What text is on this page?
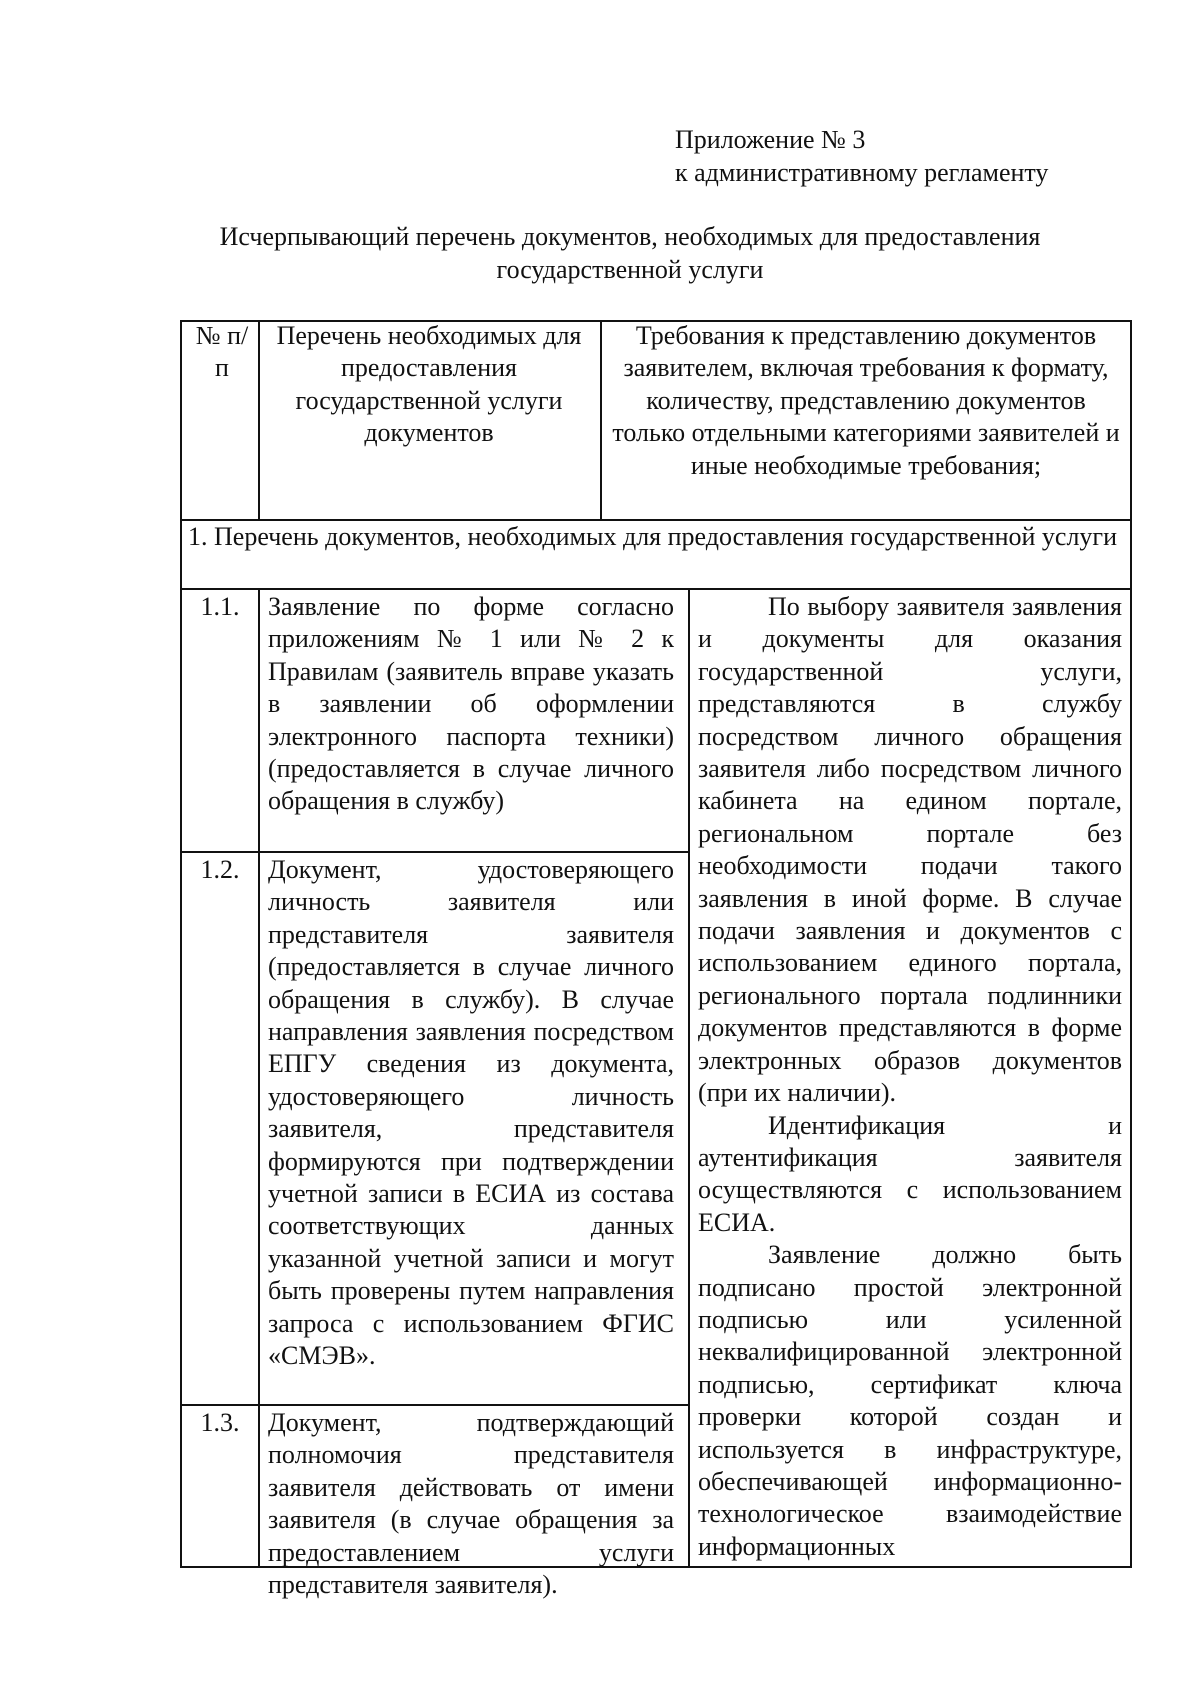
Приложение № 3
к административному регламенту
Исчерпывающий перечень документов, необходимых для предоставления
государственной услуги
№ п/п
Перечень необходимых для предоставления государственной услуги документов
Требования к представлению документов заявителем, включая требования к формату, количеству, представлению документов только отдельными категориями заявителей и иные необходимые требования;
1. Перечень документов, необходимых для предоставления государственной услуги
1.1.
1.2.
1.3.
Заявление по форме согласно приложениям № 1 или № 2 к Правилам (заявитель вправе указать в заявлении об оформлении электронного паспорта техники) (предоставляется в случае личного обращения в службу)
Документ, удостоверяющего личность заявителя или представителя заявителя (предоставляется в случае личного обращения в службу). В случае направления заявления посредством ЕПГУ сведения из документа, удостоверяющего личность заявителя, представителя формируются при подтверждении учетной записи в ЕСИА из состава соответствующих данных указанной учетной записи и могут быть проверены путем направления запроса с использованием ФГИС «СМЭВ».
Документ, подтверждающий полномочия представителя заявителя действовать от имени заявителя (в случае обращения за предоставлением услуги представителя заявителя).

По выбору заявителя заявления и документы для оказания государственной услуги, представляются в службу посредством личного обращения заявителя либо посредством личного кабинета на едином портале, региональном портале без необходимости подачи такого заявления в иной форме. В случае подачи заявления и документов с использованием единого портала, регионального портала подлинники документов представляются в форме электронных образов документов (при их наличии).

Идентификация и аутентификация заявителя осуществляются с использованием ЕСИА.

Заявление должно быть подписано простой электронной подписью или усиленной неквалифицированной электронной подписью, сертификат ключа проверки которой создан и используется в инфраструктуре, обеспечивающей информационно-технологическое взаимодействие информационных
